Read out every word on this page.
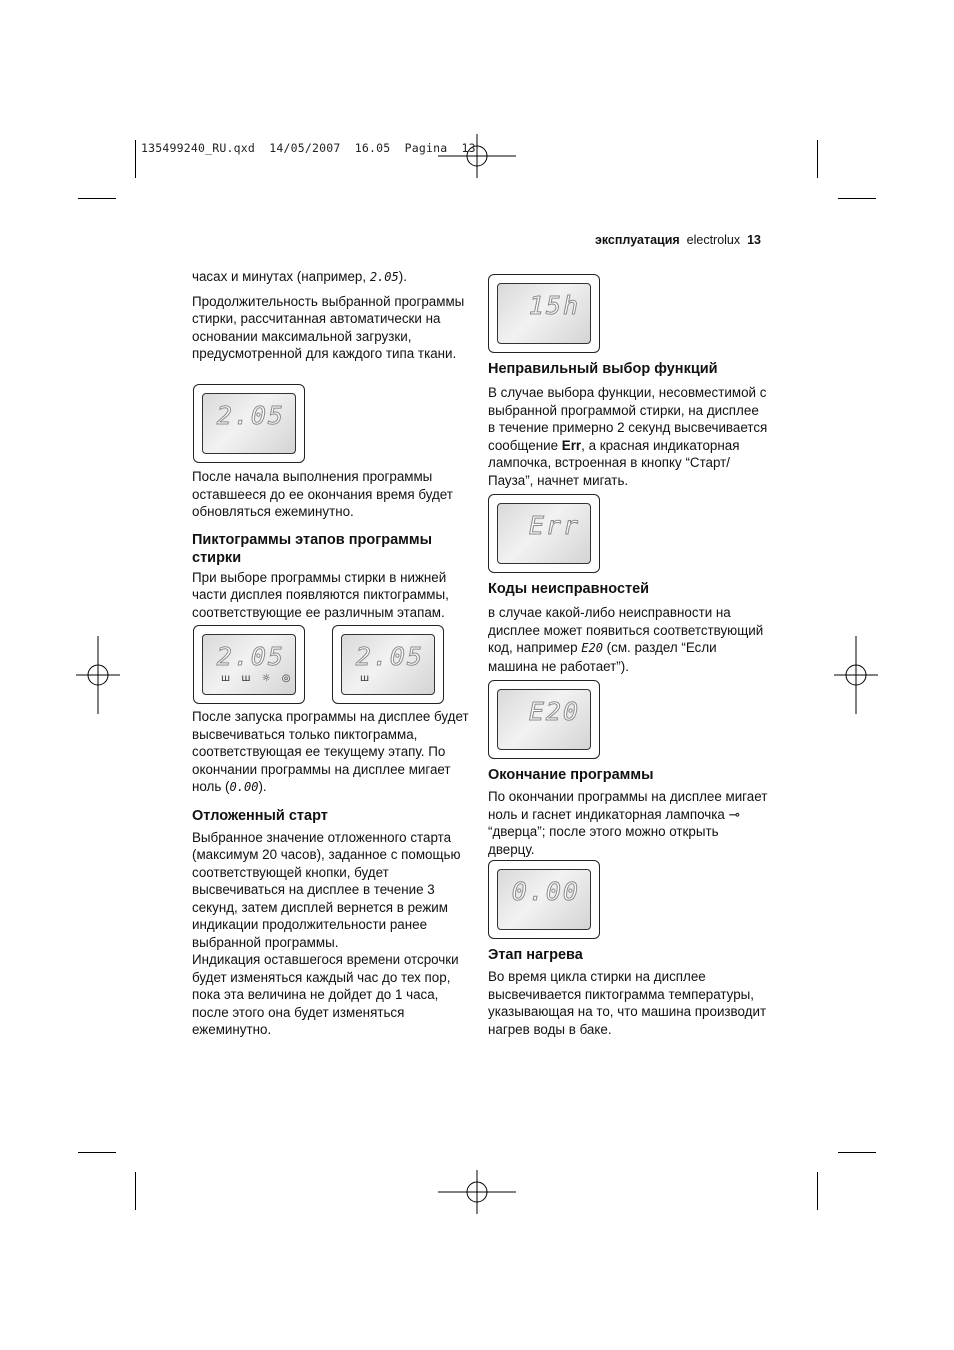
135499240_RU.qxd  14/05/2007  16.05  Pagina  13
эксплуатация electrolux 13

часах и минутах (например, 2.05).

Продолжительность выбранной программы стирки, рассчитанная автоматически на основании максимальной загрузки, предусмотренной для каждого типа ткани.

2.05

После начала выполнения программы оставшееся до ее окончания время будет обновляться ежеминутно.

Пиктограммы этапов программы стирки

При выборе программы стирки в нижней части дисплея появляются пиктограммы, соответствующие ее различным этапам.

2.05
ш ш ☼ ◎
2.05
ш

После запуска программы на дисплее будет высвечиваться только пиктограмма, соответствующая ее текущему этапу. По окончании программы на дисплее мигает ноль (0.00).

Отложенный старт

Выбранное значение отложенного старта (максимум 20 часов), заданное с помощью соответствующей кнопки, будет высвечиваться на дисплее в течение 3 секунд, затем дисплей вернется в режим индикации продолжительности ранее выбранной программы.

Индикация оставшегося времени отсрочки будет изменяться каждый час до тех пор, пока эта величина не дойдет до 1 часа, после этого она будет изменяться ежеминутно.

15h
Неправильный выбор функций

В случае выбора функции, несовместимой с выбранной программой стирки, на дисплее в течение примерно 2 секунд высвечивается сообщение Err, а красная индикаторная лампочка, встроенная в кнопку “Старт/Пауза”, начнет мигать.

Err
Коды неисправностей

в случае какой-либо неисправности на дисплее может появиться соответствующий код, например E20 (см. раздел “Если машина не работает”).

E20
Окончание программы

По окончании программы на дисплее мигает ноль и гаснет индикаторная лампочка ⊸ “дверца”; после этого можно открыть дверцу.

0.00
Этап нагрева

Во время цикла стирки на дисплее высвечивается пиктограмма температуры, указывающая на то, что машина производит нагрев воды в баке.
